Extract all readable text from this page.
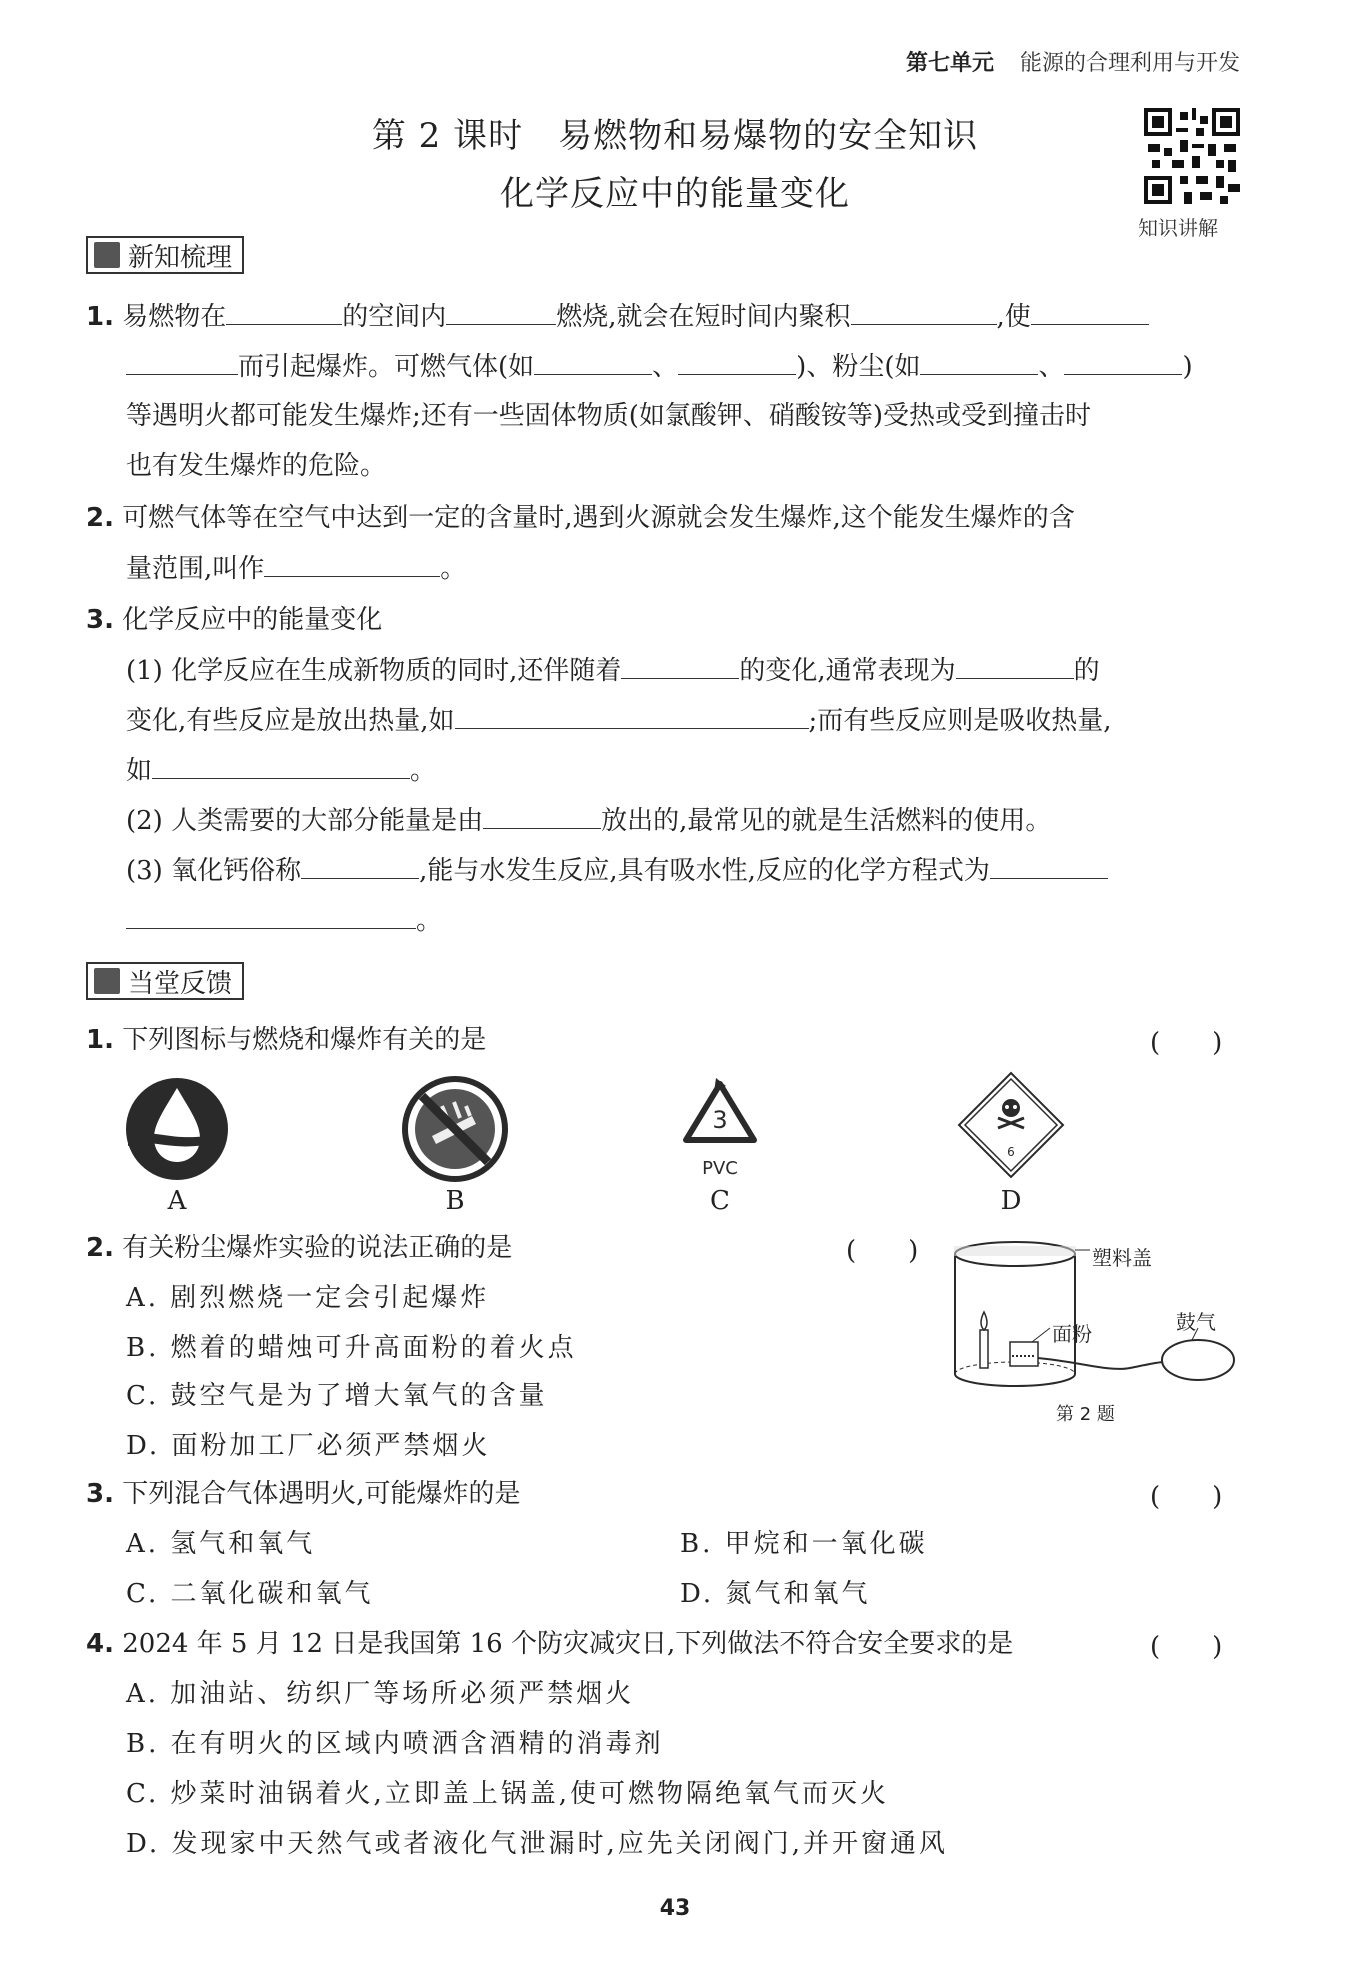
第七单元 能源的合理利用与开发
第 2 课时　易燃物和易爆物的安全知识
化学反应中的能量变化
知识讲解
新知梳理
1. 易燃物在	的空间内	燃烧,就会在短时间内聚积	,使
而引起爆炸。可燃气体(如	、	)、粉尘(如	、	)
等遇明火都可能发生爆炸;还有一些固体物质(如氯酸钾、硝酸铵等)受热或受到撞击时
也有发生爆炸的危险。
2. 可燃气体等在空气中达到一定的含量时,遇到火源就会发生爆炸,这个能发生爆炸的含
量范围,叫作	。
3. 化学反应中的能量变化
(1) 化学反应在生成新物质的同时,还伴随着	的变化,通常表现为	的
变化,有些反应是放出热量,如	;而有些反应则是吸收热量,
如	。
(2) 人类需要的大部分能量是由	放出的,最常见的就是生活燃料的使用。
(3) 氧化钙俗称	,能与水发生反应,具有吸水性,反应的化学方程式为
。
当堂反馈
1. 下列图标与燃烧和爆炸有关的是	(　　)
A	B
3
PVC
C
6
D
2. 有关粉尘爆炸实验的说法正确的是	(　　)
A. 剧烈燃烧一定会引起爆炸
B. 燃着的蜡烛可升高面粉的着火点
C. 鼓空气是为了增大氧气的含量
D. 面粉加工厂必须严禁烟火
塑料盖
面粉	鼓气
第 2 题
3. 下列混合气体遇明火,可能爆炸的是	(　　)
A. 氢气和氧气	B. 甲烷和一氧化碳
C. 二氧化碳和氧气	D. 氮气和氧气
4. 2024 年 5 月 12 日是我国第 16 个防灾减灾日,下列做法不符合安全要求的是	(　　)
A. 加油站、纺织厂等场所必须严禁烟火
B. 在有明火的区域内喷洒含酒精的消毒剂
C. 炒菜时油锅着火,立即盖上锅盖,使可燃物隔绝氧气而灭火
D. 发现家中天然气或者液化气泄漏时,应先关闭阀门,并开窗通风
43
